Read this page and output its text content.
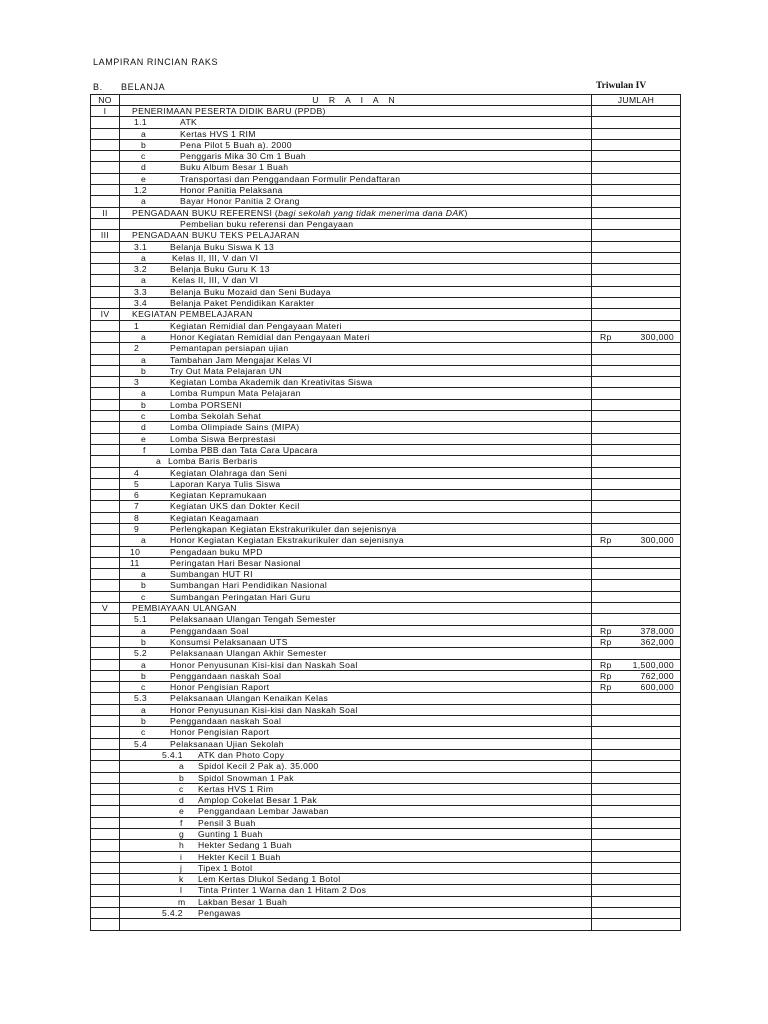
LAMPIRAN RINCIAN RAKS
B. BELANJA	Triwulan IV
NO	U R A I A N	JUMLAH
I	PENERIMAAN PESERTA DIDIK BARU (PPDB)	

	1.1 ATK	

	a Kertas HVS 1 RIM	

	b Pena Pilot 5 Buah a). 2000	

	c Penggaris Mika 30 Cm 1 Buah	

	d Buku Album Besar 1 Buah	

	e Transportasi dan Penggandaan Formulir Pendaftaran	

	1.2 Honor Panitia Pelaksana	

	a Bayar Honor Panitia 2 Orang	

II	PENGADAAN BUKU REFERENSI (bagi sekolah yang tidak menerima dana DAK)	

	Pembelian buku referensi dan Pengayaan	

III	PENGADAAN BUKU TEKS PELAJARAN	

	3.1 Belanja Buku Siswa K 13	

	a Kelas II, III, V dan VI	

	3.2 Belanja Buku Guru K 13	

	a Kelas II, III, V dan VI	

	3.3 Belanja Buku Mozaid dan Seni Budaya	

	3.4 Belanja Paket Pendidikan Karakter	

IV	KEGIATAN PEMBELAJARAN	

	1 Kegiatan Remidial dan Pengayaan Materi	

	a Honor Kegiatan Remidial dan Pengayaan Materi	Rp 300,000

	2 Pemantapan persiapan ujian	

	a Tambahan Jam Mengajar Kelas VI	

	b Try Out Mata Pelajaran UN	

	3 Kegiatan Lomba Akademik dan Kreativitas Siswa	

	a Lomba Rumpun Mata Pelajaran	

	b Lomba PORSENI	

	c Lomba Sekolah Sehat	

	d Lomba Olimpiade Sains (MIPA)	

	e Lomba Siswa Berprestasi	

	f Lomba PBB dan Tata Cara Upacara	

	a Lomba Baris Berbaris	

	4 Kegiatan Olahraga dan Seni	

	5 Laporan Karya Tulis Siswa	

	6 Kegiatan Kepramukaan	

	7 Kegiatan UKS dan Dokter Kecil	

	8 Kegiatan Keagamaan	

	9 Perlengkapan Kegiatan Ekstrakurikuler dan sejenisnya	

	a Honor Kegiatan Kegiatan Ekstrakurikuler dan sejenisnya	Rp 300,000

	10 Pengadaan buku MPD	

	11 Peringatan Hari Besar Nasional	

	a Sumbangan HUT RI	

	b Sumbangan Hari Pendidikan Nasional	

	c Sumbangan Peringatan Hari Guru	

V	PEMBIAYAAN ULANGAN	

	5.1 Pelaksanaan Ulangan Tengah Semester	

	a Penggandaan Soal	Rp 378,000

	b Konsumsi Pelaksanaan UTS	Rp 362,000

	5.2 Pelaksanaan Ulangan Akhir Semester	

	a Honor Penyusunan Kisi-kisi dan Naskah Soal	Rp 1,500,000

	b Penggandaan naskah Soal	Rp 762,000

	c Honor Pengisian Raport	Rp 600,000

	5.3 Pelaksanaan Ulangan Kenaikan Kelas	

	a Honor Penyusunan Kisi-kisi dan Naskah Soal	

	b Penggandaan naskah Soal	

	c Honor Pengisian Raport	

	5.4 Pelaksanaan Ujian Sekolah	

	5.4.1 ATK dan Photo Copy	

	a Spidol Kecil 2 Pak a). 35.000	

	b Spidol Snowman 1 Pak	

	c Kertas HVS 1 Rim	

	d Amplop Cokelat Besar 1 Pak	

	e Penggandaan Lembar Jawaban	

	f Pensil 3 Buah	

	g Gunting 1 Buah	

	h Hekter Sedang 1 Buah	

	i Hekter Kecil 1 Buah	

	j Tipex 1 Botol	

	k Lem Kertas Dlukol Sedang 1 Botol	

	l Tinta Printer 1 Warna dan 1 Hitam 2 Dos	

	m Lakban Besar 1 Buah	

	5.4.2 Pengawas	
